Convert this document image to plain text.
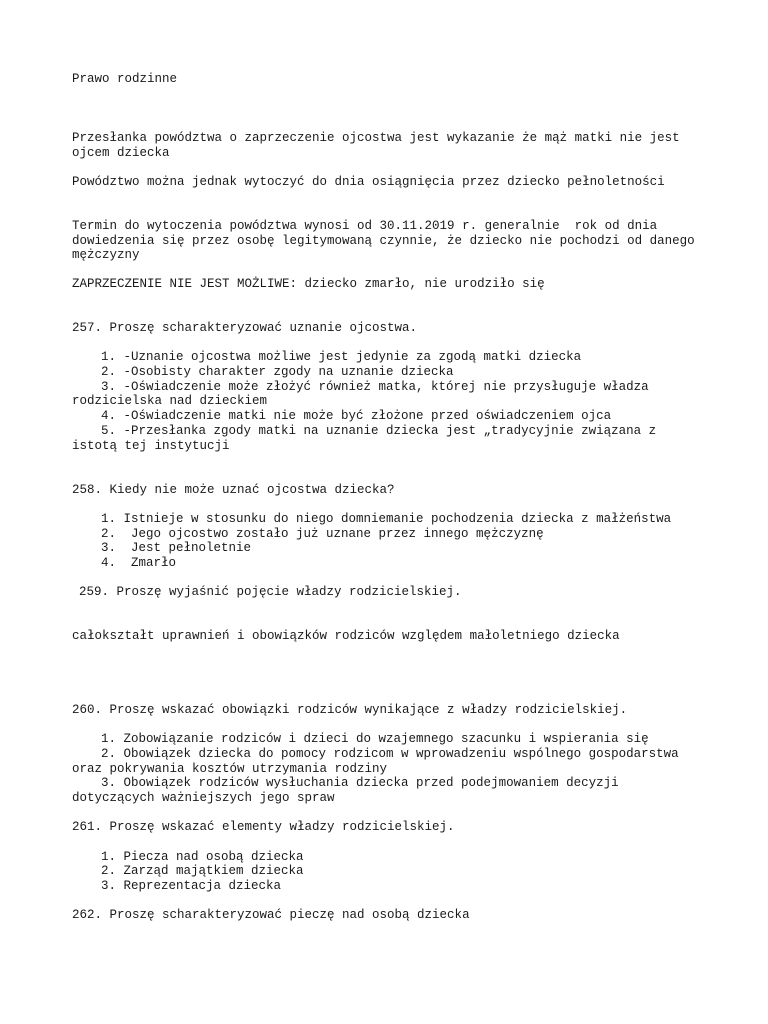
Prawo rodzinne

Przesłanka powództwa o zaprzeczenie ojcostwa jest wykazanie że mąż matki nie jest

ojcem dziecka

Powództwo można jednak wytoczyć do dnia osiągnięcia przez dziecko pełnoletności

Termin do wytoczenia powództwa wynosi od 30.11.2019 r. generalnie  rok od dnia

dowiedzenia się przez osobę legitymowaną czynnie, że dziecko nie pochodzi od danego

mężczyzny

ZAPRZECZENIE NIE JEST MOŻLIWE: dziecko zmarło, nie urodziło się

257. Proszę scharakteryzować uznanie ojcostwa.

1. -Uznanie ojcostwa możliwe jest jedynie za zgodą matki dziecka

2. -Osobisty charakter zgody na uznanie dziecka

3. -Oświadczenie może złożyć również matka, której nie przysługuje władza

rodzicielska nad dzieckiem

4. -Oświadczenie matki nie może być złożone przed oświadczeniem ojca

5. -Przesłanka zgody matki na uznanie dziecka jest „tradycyjnie związana z

istotą tej instytucji

258. Kiedy nie może uznać ojcostwa dziecka?

1. Istnieje w stosunku do niego domniemanie pochodzenia dziecka z małżeństwa

2.  Jego ojcostwo zostało już uznane przez innego mężczyznę

3.  Jest pełnoletnie

4.  Zmarło

259. Proszę wyjaśnić pojęcie władzy rodzicielskiej.

całokształt uprawnień i obowiązków rodziców względem małoletniego dziecka

260. Proszę wskazać obowiązki rodziców wynikające z władzy rodzicielskiej.

1. Zobowiązanie rodziców i dzieci do wzajemnego szacunku i wspierania się

2. Obowiązek dziecka do pomocy rodzicom w wprowadzeniu wspólnego gospodarstwa

oraz pokrywania kosztów utrzymania rodziny

3. Obowiązek rodziców wysłuchania dziecka przed podejmowaniem decyzji

dotyczących ważniejszych jego spraw

261. Proszę wskazać elementy władzy rodzicielskiej.

1. Piecza nad osobą dziecka

2. Zarząd majątkiem dziecka

3. Reprezentacja dziecka

262. Proszę scharakteryzować pieczę nad osobą dziecka
